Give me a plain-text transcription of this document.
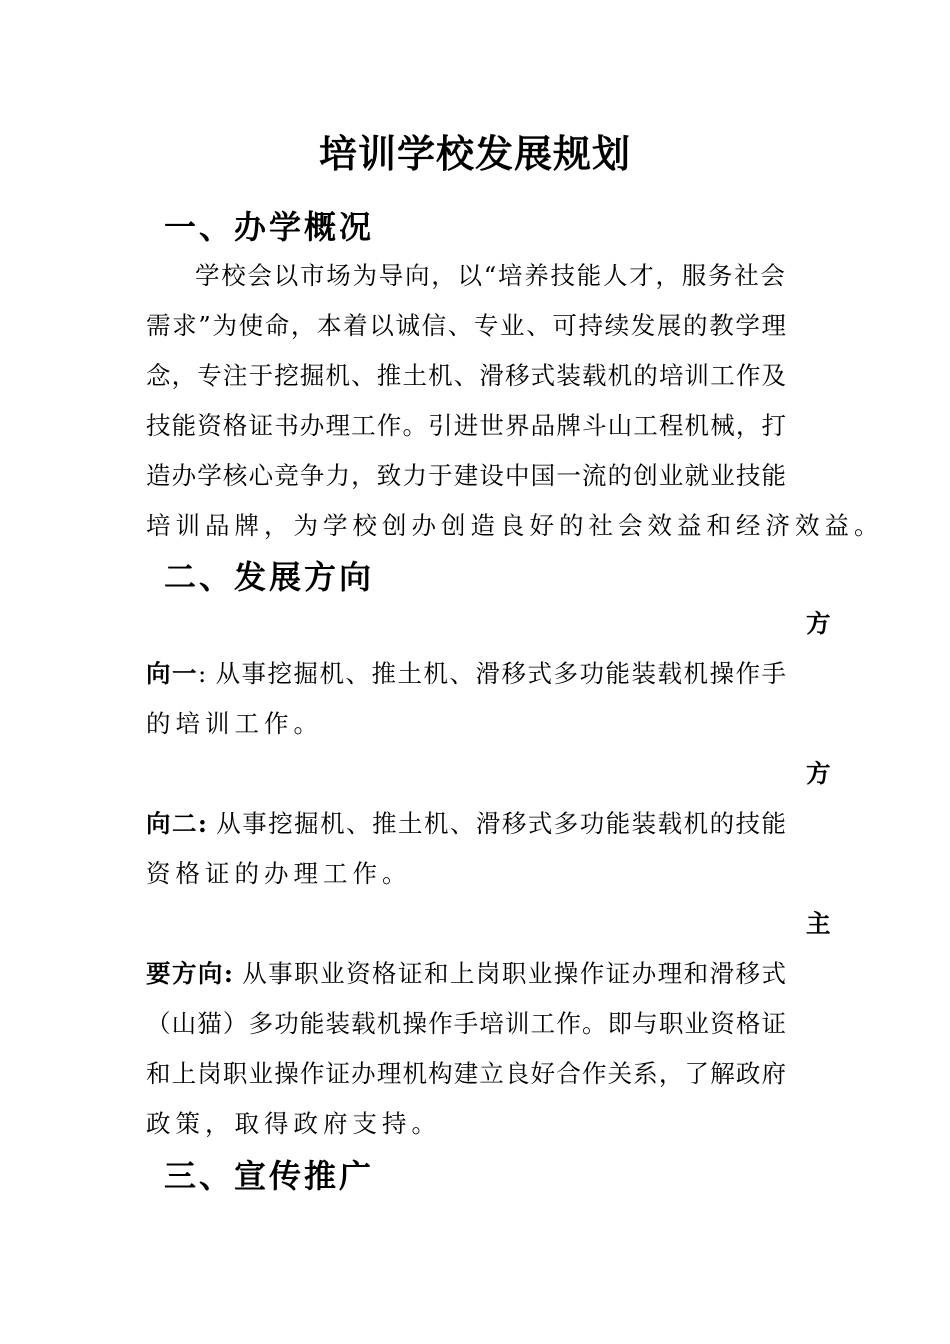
培训学校发展规划
一、办学概况

学校会以市场为导向，以“培养技能人才，服务社会

需求”为使命，本着以诚信、专业、可持续发展的教学理

念，专注于挖掘机、推土机、滑移式装载机的培训工作及

技能资格证书办理工作。引进世界品牌斗山工程机械，打

造办学核心竞争力，致力于建设中国一流的创业就业技能

培训品牌，为学校创办创造良好的社会效益和经济效益。

二、发展方向
方

向一: 从事挖掘机、推土机、滑移式多功能装载机操作手

的培训工作。

方

向二: 从事挖掘机、推土机、滑移式多功能装载机的技能

资格证的办理工作。

主

要方向: 从事职业资格证和上岗职业操作证办理和滑移式

（山猫）多功能装载机操作手培训工作。即与职业资格证

和上岗职业操作证办理机构建立良好合作关系，了解政府

政策，取得政府支持。

三、宣传推广
